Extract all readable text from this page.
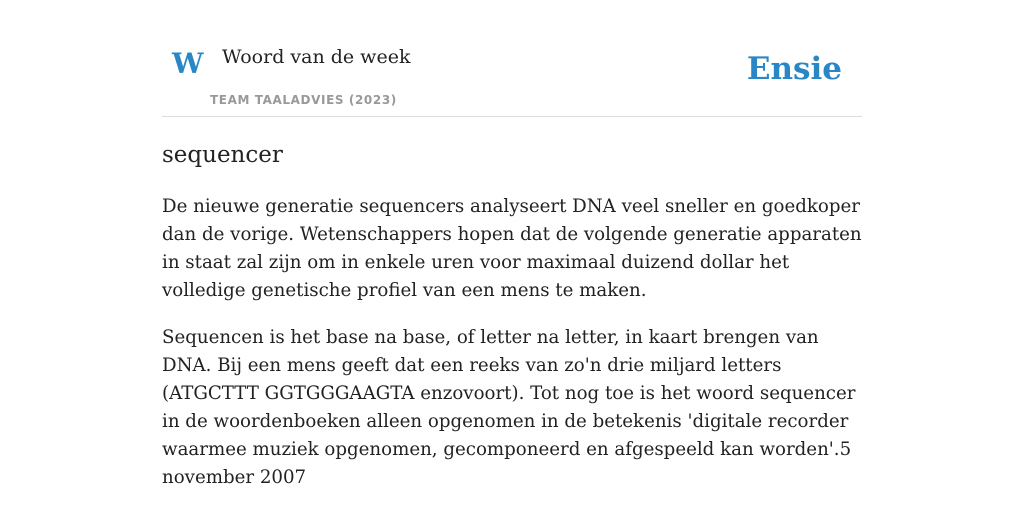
W Woord van de week
TEAM TAALADVIES (2023)
Ensie
sequencer

De nieuwe generatie sequencers analyseert DNA veel sneller en goedkoper dan de vorige. Wetenschappers hopen dat de volgende generatie apparaten in staat zal zijn om in enkele uren voor maximaal duizend dollar het volledige genetische profiel van een mens te maken.

Sequencen is het base na base, of letter na letter, in kaart brengen van DNA. Bij een mens geeft dat een reeks van zo'n drie miljard letters (ATGCTTT GGTGGGAAGTA enzovoort). Tot nog toe is het woord sequencer in de woordenboeken alleen opgenomen in de betekenis 'digitale recorder waarmee muziek opgenomen, gecomponeerd en afgespeeld kan worden'.5 november 2007
